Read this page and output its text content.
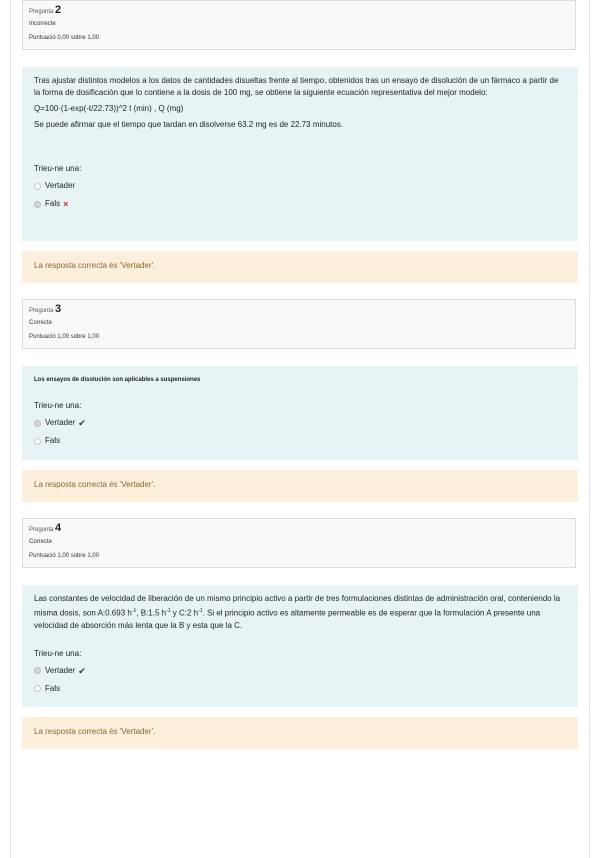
Pregunta 2
Incorrecte
Puntuació 0,00 sobre 1,00

Tras ajustar distintos modelos a los datos de cantidades disueltas frente al tiempo, obtenidos tras un ensayo de disolución de un fármaco a partir de la forma de dosificación que lo contiene a la dosis de 100 mg, se obtiene la siguiente ecuación representativa del mejor modelo:

Q=100·(1-exp(-t/22.73))^2 t (min) , Q (mg)

Se puede afirmar que el tiempo que tardan en disolverse 63.2 mg es de 22.73 minutos.

Trieu-ne una:
Vertader
Fals ×
La resposta correcta és 'Vertader'.
Pregunta 3
Correcte
Puntuació 1,00 sobre 1,00

Los ensayos de disolución son aplicables a suspensiones

Trieu-ne una:
Vertader ✔
Fals
La resposta correcta és 'Vertader'.
Pregunta 4
Correcte
Puntuació 1,00 sobre 1,00

Las constantes de velocidad de liberación de un mismo principio activo a partir de tres formulaciones distintas de administración oral, conteniendo la misma dosis, son A:0.693 $h^{-1}$, B:1.5 $h^{-1}$ y C:2 $h^{-1}$. Si el principio activo es altamente permeable es de esperar que la formulación A presente una velocidad de absorción más lenta que la B y esta que la C.

Trieu-ne una:
Vertader ✔
Fals
La resposta correcta és 'Vertader'.
